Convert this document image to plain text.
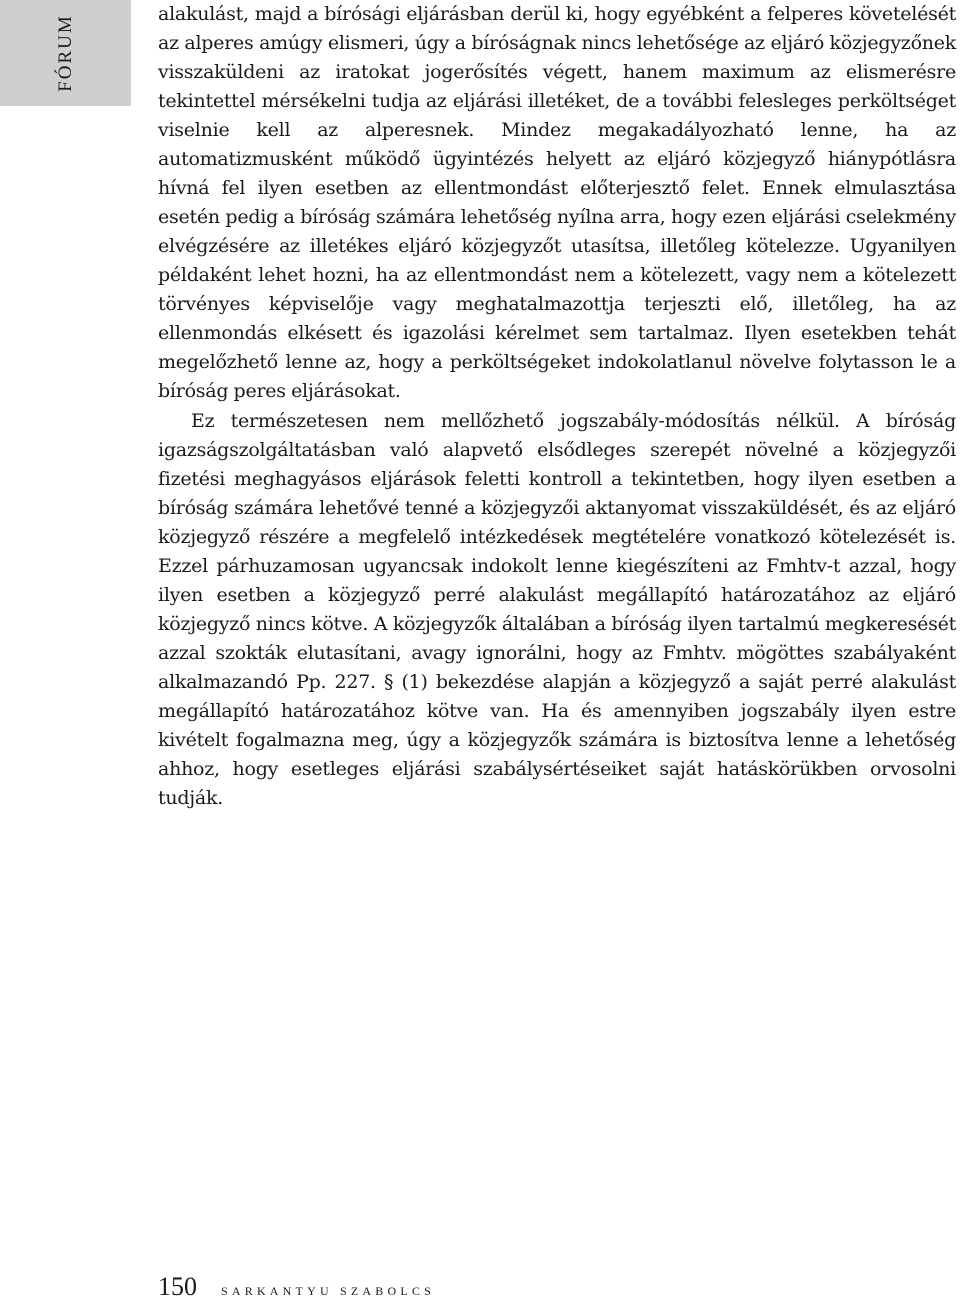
FÓRUM

alakulást, majd a bírósági eljárásban derül ki, hogy egyébként a felperes követelését az alperes amúgy elismeri, úgy a bíróságnak nincs lehetősége az eljáró közjegyzőnek visszaküldeni az iratokat jogerősítés végett, hanem maximum az elismerésre tekintettel mérsékelni tudja az eljárási illetéket, de a további felesleges perköltséget viselnie kell az alperesnek. Mindez megakadályozható lenne, ha az automatizmusként működő ügyintézés helyett az eljáró közjegyző hiánypótlásra hívná fel ilyen esetben az ellentmondást előterjesztő felet. Ennek elmulasztása esetén pedig a bíróság számára lehetőség nyílna arra, hogy ezen eljárási cselekmény elvégzésére az illetékes eljáró közjegyzőt utasítsa, illetőleg kötelezze. Ugyanilyen példaként lehet hozni, ha az ellentmondást nem a kötelezett, vagy nem a kötelezett törvényes képviselője vagy meghatalmazottja terjeszti elő, illetőleg, ha az ellenmondás elkésett és igazolási kérelmet sem tartalmaz. Ilyen esetekben tehát megelőzhető lenne az, hogy a perköltségeket indokolatlanul növelve folytasson le a bíróság peres eljárásokat.

Ez természetesen nem mellőzhető jogszabály-módosítás nélkül. A bíróság igazságszolgáltatásban való alapvető elsődleges szerepét növelné a közjegyzői fizetési meghagyásos eljárások feletti kontroll a tekintetben, hogy ilyen esetben a bíróság számára lehetővé tenné a közjegyzői aktanyomat visszaküldését, és az eljáró közjegyző részére a megfelelő intézkedések megtételére vonatkozó kötelezését is. Ezzel párhuzamosan ugyancsak indokolt lenne kiegészíteni az Fmhtv-t azzal, hogy ilyen esetben a közjegyző perré alakulást megállapító határozatához az eljáró közjegyző nincs kötve. A közjegyzők általában a bíróság ilyen tartalmú megkeresését azzal szokták elutasítani, avagy ignorálni, hogy az Fmhtv. mögöttes szabályaként alkalmazandó Pp. 227. § (1) bekezdése alapján a közjegyző a saját perré alakulást megállapító határozatához kötve van. Ha és amennyiben jogszabály ilyen estre kivételt fogalmazna meg, úgy a közjegyzők számára is biztosítva lenne a lehetőség ahhoz, hogy esetleges eljárási szabálysértéseiket saját hatáskörükben orvosolni tudják.

150 SARKANTYU SZABOLCS
